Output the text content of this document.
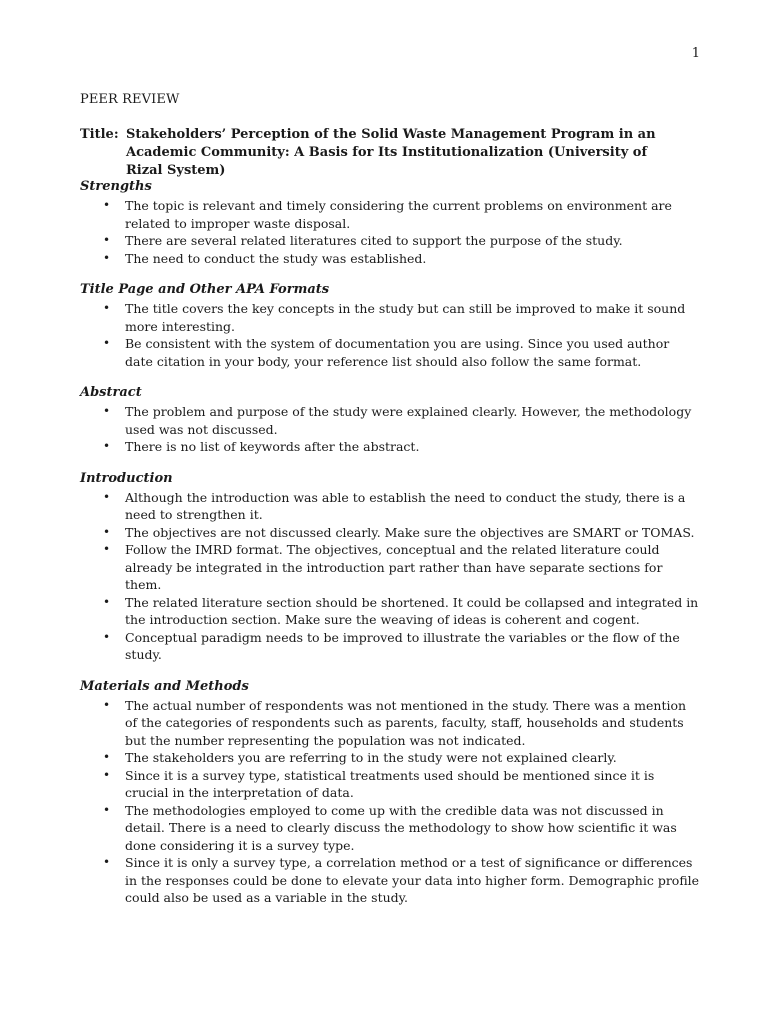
1
PEER REVIEW
Title: Stakeholders’ Perception of the Solid Waste Management Program in an Academic Community: A Basis for Its Institutionalization (University of Rizal System)
Strengths
• The topic is relevant and timely considering the current problems on environment are related to improper waste disposal.
• There are several related literatures cited to support the purpose of the study.
• The need to conduct the study was established.
Title Page and Other APA Formats
• The title covers the key concepts in the study but can still be improved to make it sound more interesting.
• Be consistent with the system of documentation you are using. Since you used author date citation in your body, your reference list should also follow the same format.
Abstract
• The problem and purpose of the study were explained clearly. However, the methodology used was not discussed.
• There is no list of keywords after the abstract.
Introduction
• Although the introduction was able to establish the need to conduct the study, there is a need to strengthen it.
• The objectives are not discussed clearly. Make sure the objectives are SMART or TOMAS.
• Follow the IMRD format. The objectives, conceptual and the related literature could already be integrated in the introduction part rather than have separate sections for them.
• The related literature section should be shortened. It could be collapsed and integrated in the introduction section. Make sure the weaving of ideas is coherent and cogent.
• Conceptual paradigm needs to be improved to illustrate the variables or the flow of the study.
Materials and Methods
• The actual number of respondents was not mentioned in the study. There was a mention of the categories of respondents such as parents, faculty, staff, households and students but the number representing the population was not indicated.
• The stakeholders you are referring to in the study were not explained clearly.
• Since it is a survey type, statistical treatments used should be mentioned since it is crucial in the interpretation of data.
• The methodologies employed to come up with the credible data was not discussed in detail. There is a need to clearly discuss the methodology to show how scientific it was done considering it is a survey type.
• Since it is only a survey type, a correlation method or a test of significance or differences in the responses could be done to elevate your data into higher form. Demographic profile could also be used as a variable in the study.
